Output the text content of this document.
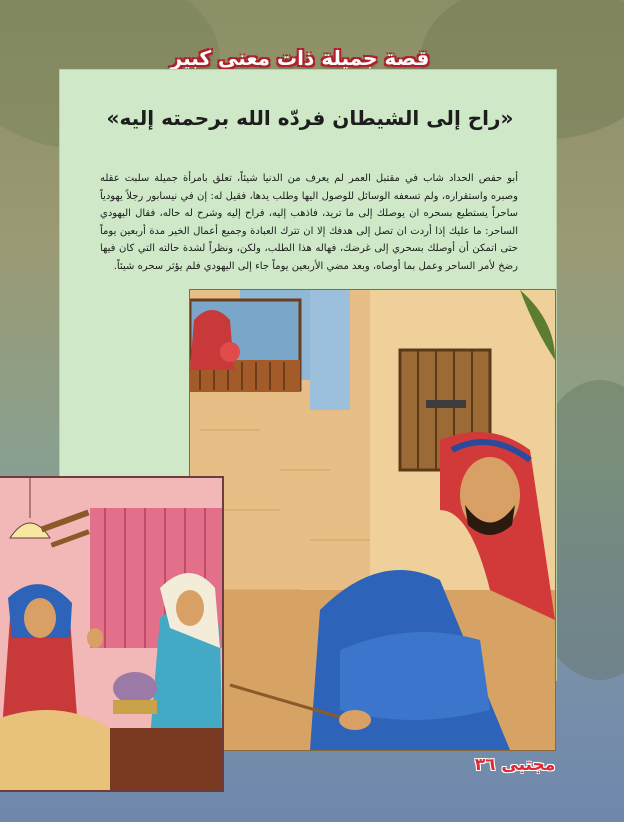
قصة جميلة ذات معنى كبير
«راح إلى الشيطان فردّه الله برحمته إليه»

أبو حفص الحداد شاب في مقتبل العمر لم يعرف من الدنيا شيئاً، تعلق بامرأة جميلة سلبت عقله وصبره واستقراره، ولم تسعفه الوسائل للوصول اليها وطلب يدها، فقيل له: إن في نيسابور رجلاً يهودياً ساحراً يستطيع بسحره ان يوصلك إلى ما تريد، فاذهب إليه، فراح إليه وشرح له حاله، فقال اليهودي الساحر: ما عليك إذا أردت ان تصل إلى هدفك إلا ان تترك العبادة وجميع أعمال الخير مدة أربعين يوماً حتى اتمكن أن أوصلك بسحري إلى غرضك، فهاله هذا الطلب، ولكن، ونظراً لشدة حالته التي كان فيها رضخ لأمر الساحر وعمل بما أوصاه، وبعد مضي الأربعين يوماً جاء إلى اليهودي فلم يؤثر سحره شيئاً.

مجتبى ٣٦
